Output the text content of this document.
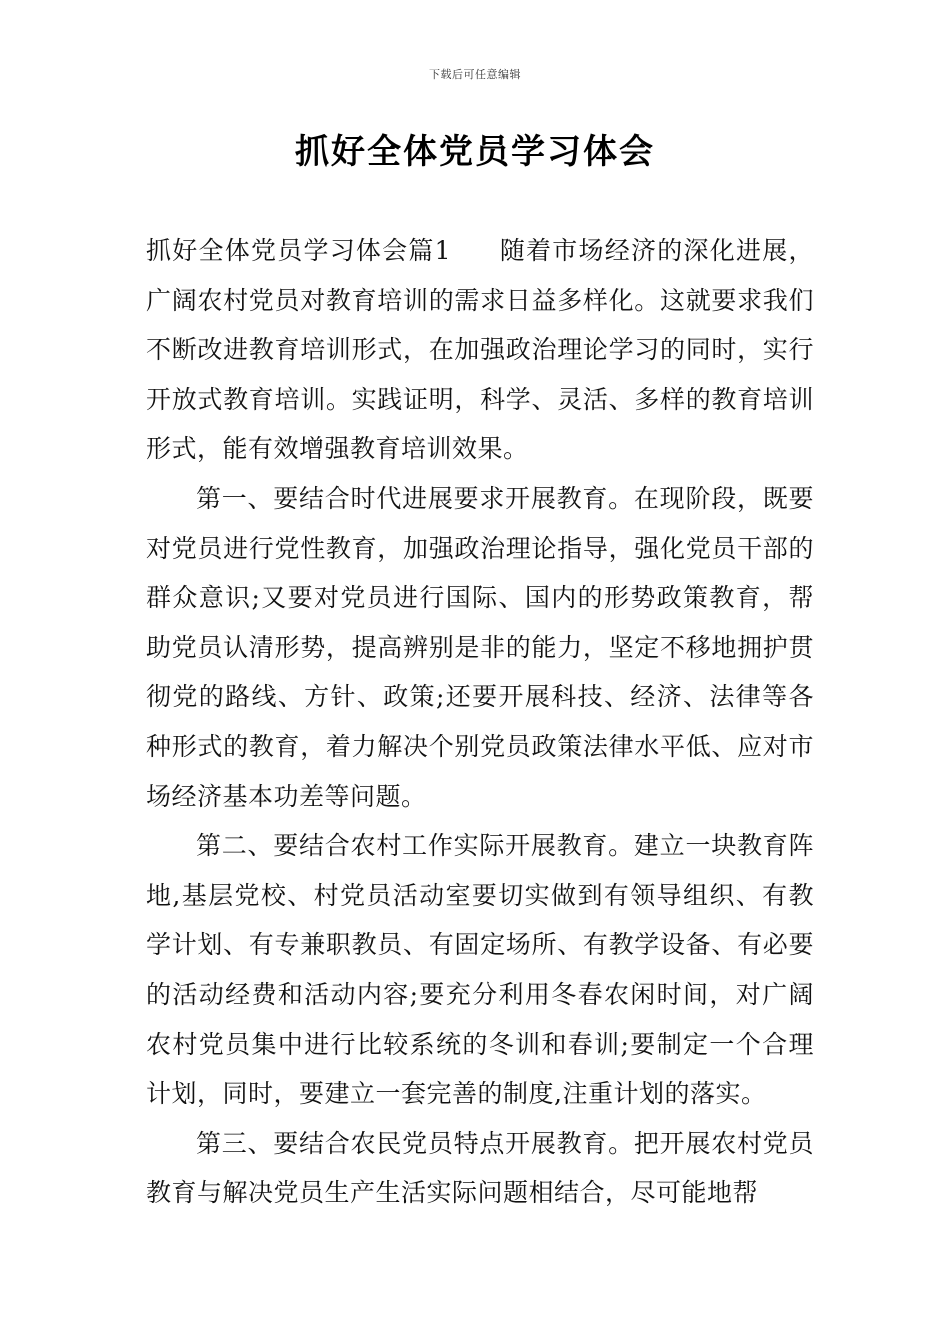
下载后可任意编辑
抓好全体党员学习体会

抓好全体党员学习体会篇1 随着市场经济的深化进展，广阔农村党员对教育培训的需求日益多样化。这就要求我们不断改进教育培训形式，在加强政治理论学习的同时，实行开放式教育培训。实践证明，科学、灵活、多样的教育培训形式，能有效增强教育培训效果。

第一、要结合时代进展要求开展教育。在现阶段，既要对党员进行党性教育，加强政治理论指导，强化党员干部的群众意识;又要对党员进行国际、国内的形势政策教育，帮助党员认清形势，提高辨别是非的能力，坚定不移地拥护贯彻党的路线、方针、政策;还要开展科技、经济、法律等各种形式的教育，着力解决个别党员政策法律水平低、应对市场经济基本功差等问题。

第二、要结合农村工作实际开展教育。建立一块教育阵地,基层党校、村党员活动室要切实做到有领导组织、有教学计划、有专兼职教员、有固定场所、有教学设备、有必要的活动经费和活动内容;要充分利用冬春农闲时间，对广阔农村党员集中进行比较系统的冬训和春训;要制定一个合理计划，同时，要建立一套完善的制度,注重计划的落实。

第三、要结合农民党员特点开展教育。把开展农村党员教育与解决党员生产生活实际问题相结合，尽可能地帮
